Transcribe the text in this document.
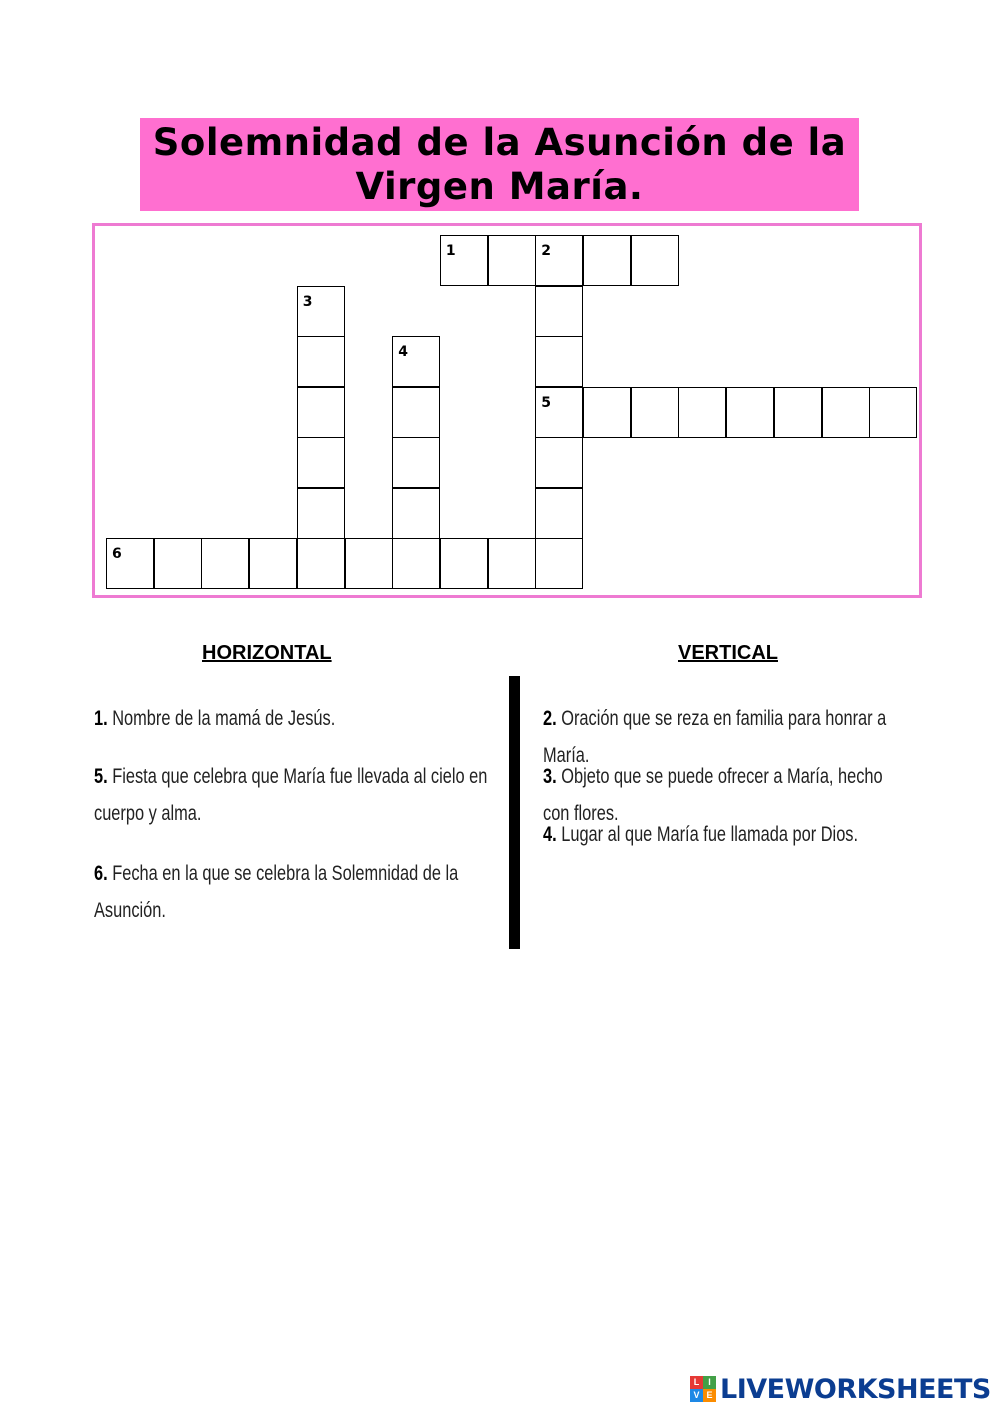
Solemnidad de la Asunción de la Virgen María.
1	2
3
4
5
6
HORIZONTAL	VERTICAL
1. Nombre de la mamá de Jesús.
5. Fiesta que celebra que María fue llevada al cielo en
cuerpo y alma.
6. Fecha en la que se celebra la Solemnidad de la
Asunción.
2. Oración que se reza en familia para honrar a María.
3. Objeto que se puede ofrecer a María, hecho con flores.
4. Lugar al que María fue llamada por Dios.
L I
V E LIVEWORKSHEETS
